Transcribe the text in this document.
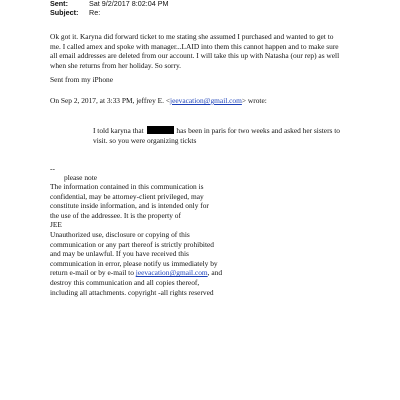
Sent:	Sat 9/2/2017 8:02:04 PM
Subject: Re:
Ok got it. Karyna did forward ticket to me stating she assumed I purchased and wanted to get to
me. I called amex and spoke with manager...LAID into them this cannot happen and to make sure
all email addresses are deleted from our account. I will take this up with Natasha (our rep) as well
when she returns from her holiday. So sorry.
Sent from my iPhone
On Sep 2, 2017, at 3:33 PM, jeffrey E. <jeevacation@gmail.com> wrote:
I told karyna that	has been in paris for two weeks and asked her sisters to
visit. so you were organizing tickts
--
please note
The information contained in this communication is
confidential, may be attorney-client privileged, may
constitute inside information, and is intended only for
the use of the addressee. It is the property of
JEE
Unauthorized use, disclosure or copying of this
communication or any part thereof is strictly prohibited
and may be unlawful. If you have received this
communication in error, please notify us immediately by
return e-mail or by e-mail to jeevacation@gmail.com, and
destroy this communication and all copies thereof,
including all attachments. copyright -all rights reserved
